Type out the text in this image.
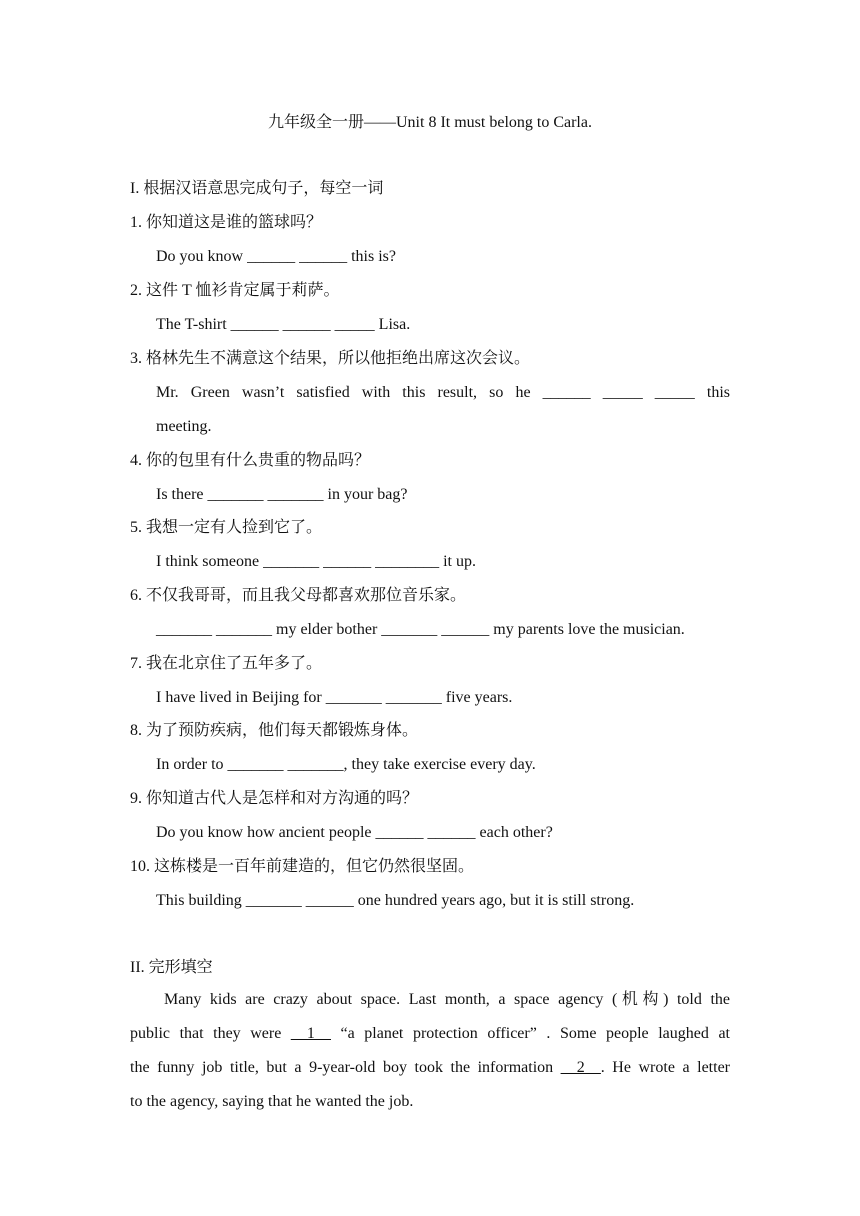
九年级全一册——Unit 8 It must belong to Carla.
I. 根据汉语意思完成句子，每空一词
1. 你知道这是谁的篮球吗？
Do you know ______ ______ this is?
2. 这件 T 恤衫肯定属于莉萨。
The T-shirt ______ ______ _____ Lisa.
3. 格林先生不满意这个结果，所以他拒绝出席这次会议。
Mr. Green wasn’t satisfied with this result, so he ______ _____ _____ this
meeting.
4. 你的包里有什么贵重的物品吗？
Is there _______ _______ in your bag?
5. 我想一定有人捡到它了。
I think someone _______ ______ ________ it up.
6. 不仅我哥哥，而且我父母都喜欢那位音乐家。
_______ _______ my elder bother _______ ______ my parents love the musician.
7. 我在北京住了五年多了。
I have lived in Beijing for _______ _______ five years.
8. 为了预防疾病，他们每天都锻炼身体。
In order to _______ _______, they take exercise every day.
9. 你知道古代人是怎样和对方沟通的吗？
Do you know how ancient people ______ ______ each other?
10. 这栋楼是一百年前建造的，但它仍然很坚固。
This building _______ ______ one hundred years ago, but it is still strong.
II. 完形填空
Many kids are crazy about space. Last month, a space agency (机构) told the
public that they were __1__ “a planet protection officer” . Some people laughed at
the funny job title, but a 9-year-old boy took the information __2__. He wrote a letter
to the agency, saying that he wanted the job.
